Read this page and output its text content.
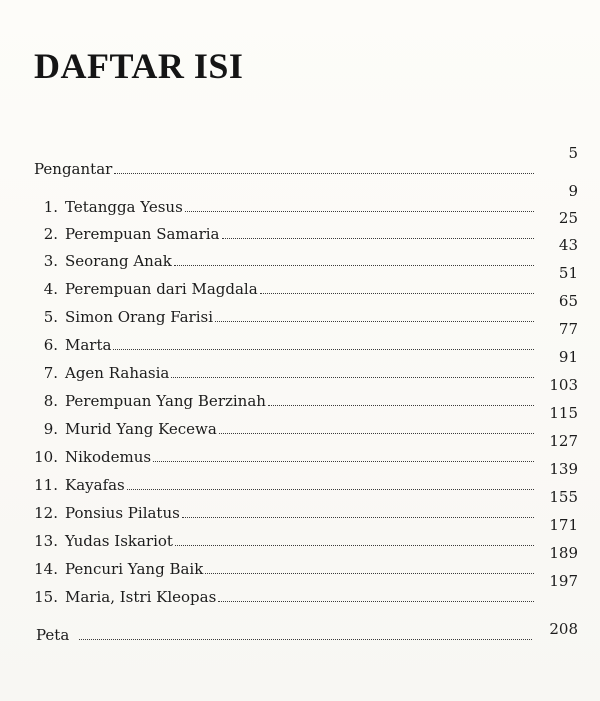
DAFTAR ISI
Pengantar
5
1. Tetangga Yesus
9
2. Perempuan Samaria
25
3. Seorang Anak
43
4. Perempuan dari Magdala
51
5. Simon Orang Farisi
65
6. Marta
77
7. Agen Rahasia
91
8. Perempuan Yang Berzinah
103
9. Murid Yang Kecewa
115
10. Nikodemus
127
11. Kayafas
139
12. Ponsius Pilatus
155
13. Yudas Iskariot
171
14. Pencuri Yang Baik
189
15. Maria, Istri Kleopas
197
Peta	208
